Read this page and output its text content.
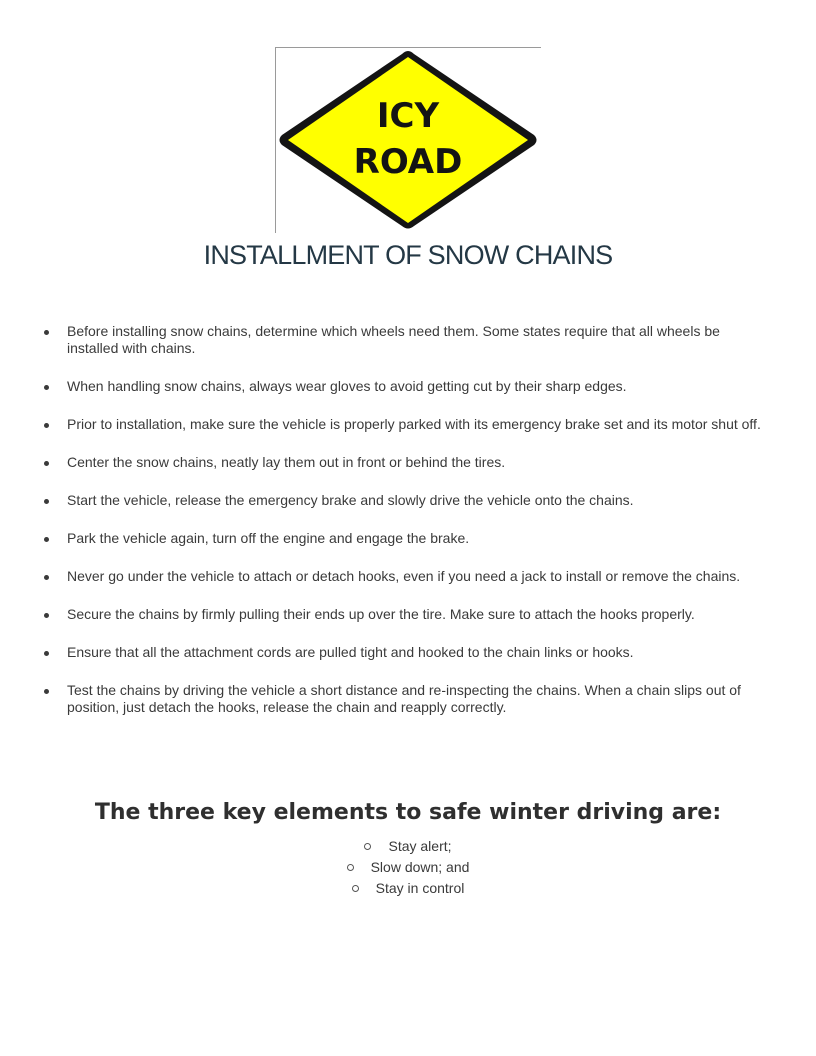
ICY
ROAD
INSTALLMENT OF SNOW CHAINS
Before installing snow chains, determine which wheels need them. Some states require that all wheels be installed with chains.
When handling snow chains, always wear gloves to avoid getting cut by their sharp edges.
Prior to installation, make sure the vehicle is properly parked with its emergency brake set and its motor shut off.
Center the snow chains, neatly lay them out in front or behind the tires.
Start the vehicle, release the emergency brake and slowly drive the vehicle onto the chains.
Park the vehicle again, turn off the engine and engage the brake.
Never go under the vehicle to attach or detach hooks, even if you need a jack to install or remove the chains.
Secure the chains by firmly pulling their ends up over the tire. Make sure to attach the hooks properly.
Ensure that all the attachment cords are pulled tight and hooked to the chain links or hooks.
Test the chains by driving the vehicle a short distance and re-inspecting the chains. When a chain slips out of position, just detach the hooks, release the chain and reapply correctly.
The three key elements to safe winter driving are:
Stay alert;
Slow down; and
Stay in control
